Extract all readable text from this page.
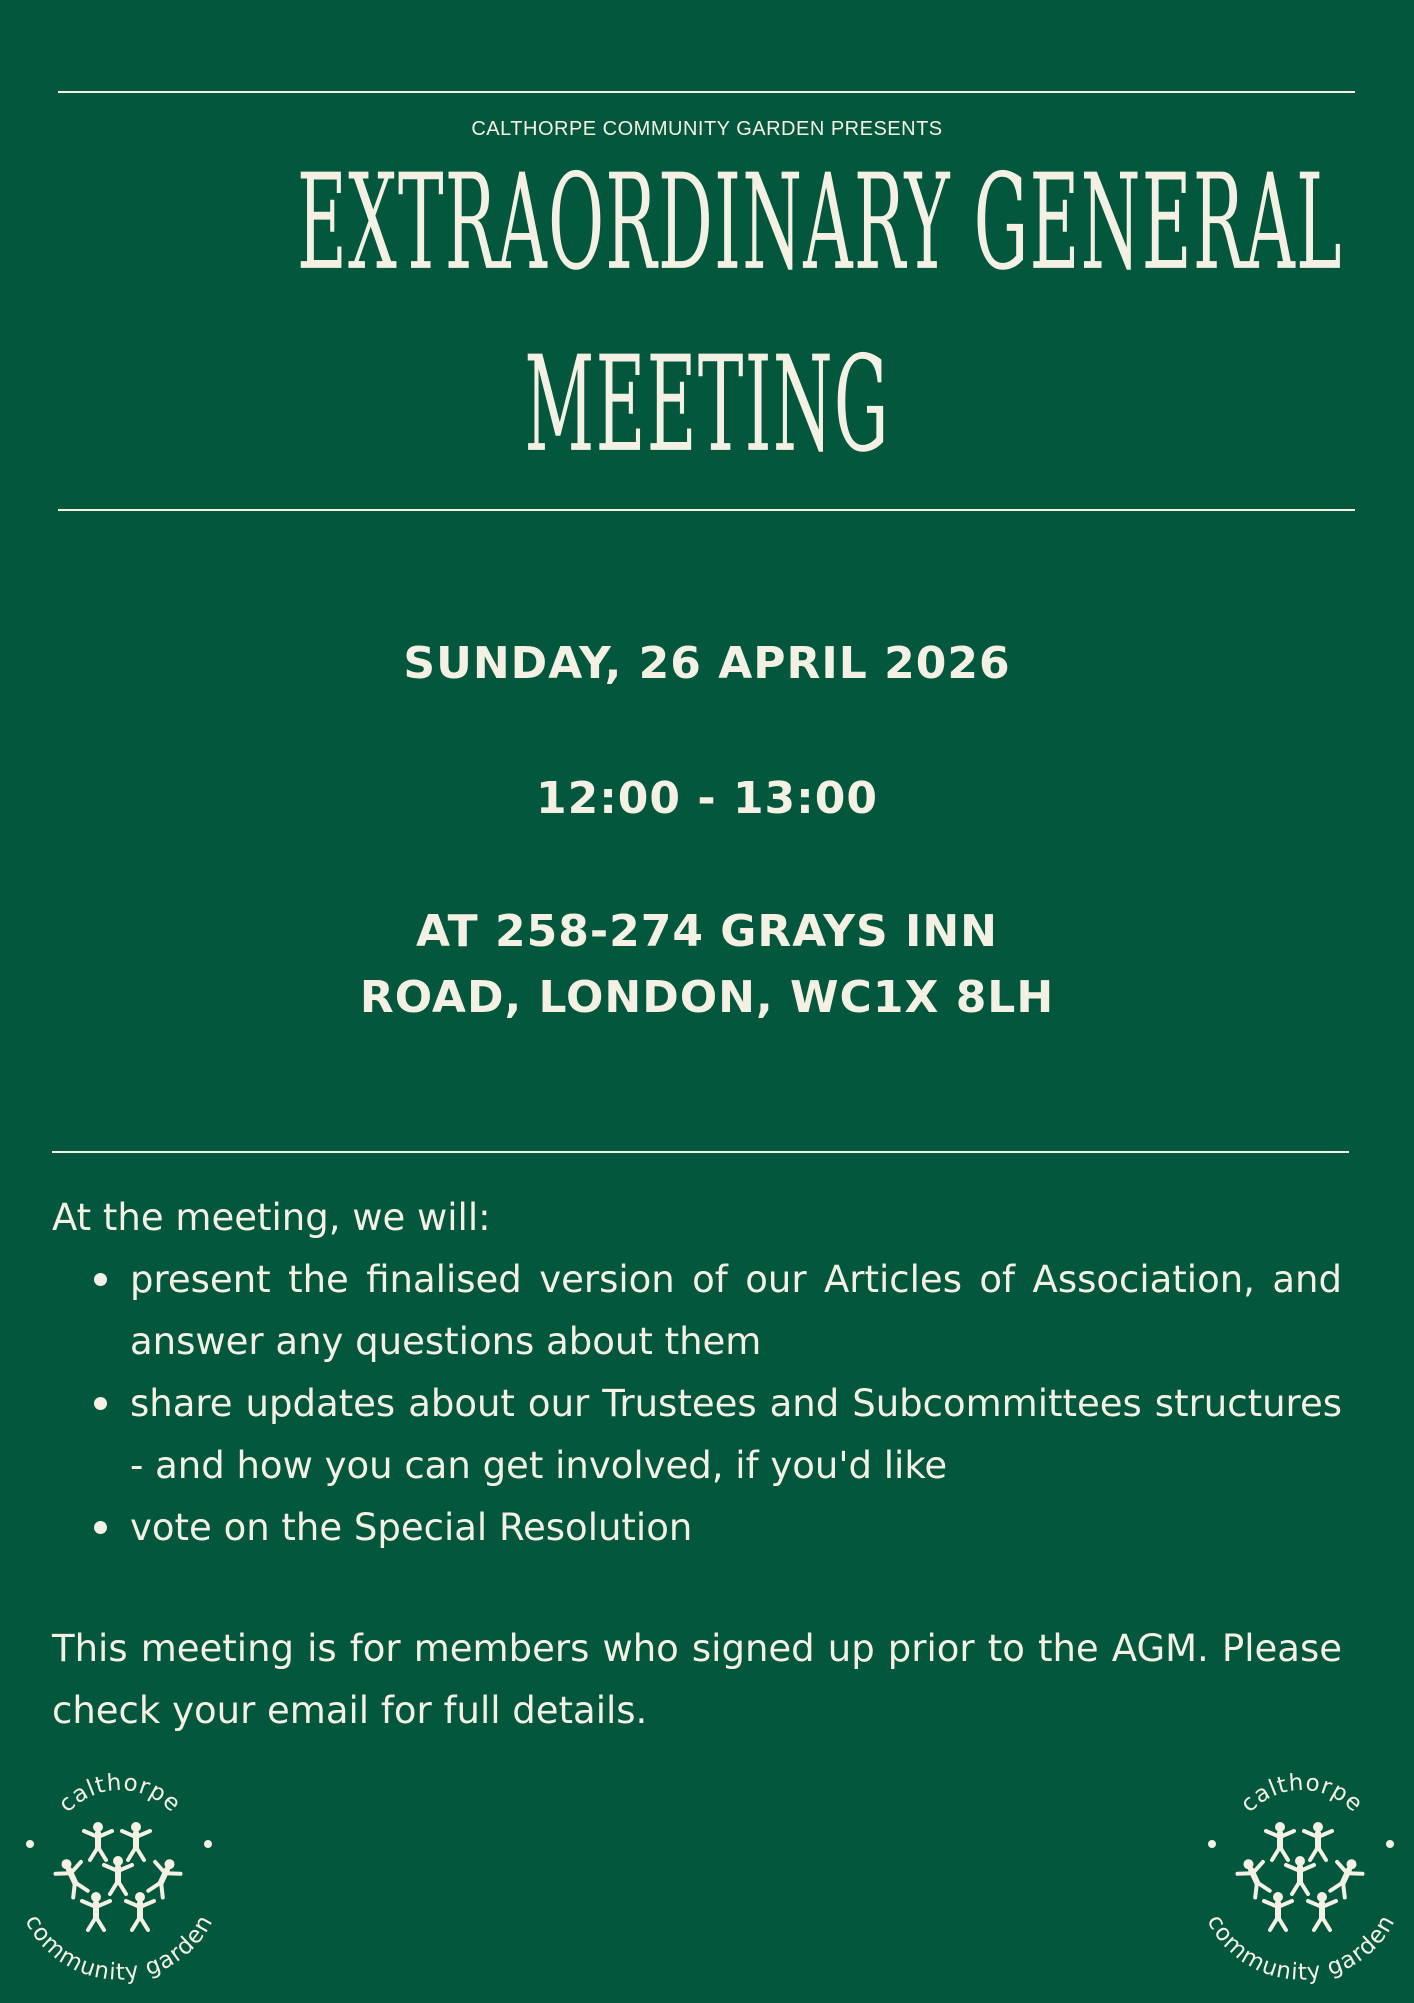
CALTHORPE COMMUNITY GARDEN PRESENTS
EXTRAORDINARY GENERAL
MEETING
SUNDAY, 26 APRIL 2026
12:00 - 13:00
AT 258-274 GRAYS INN
ROAD, LONDON, WC1X 8LH
At the meeting, we will:
present the finalised version of our Articles of Association, and answer any questions about them
share updates about our Trustees and Subcommittees structures - and how you can get involved, if you'd like
vote on the Special Resolution
This meeting is for members who signed up prior to the AGM. Please check your email for full details.
calthorpe
community garden
calthorpe
community garden
